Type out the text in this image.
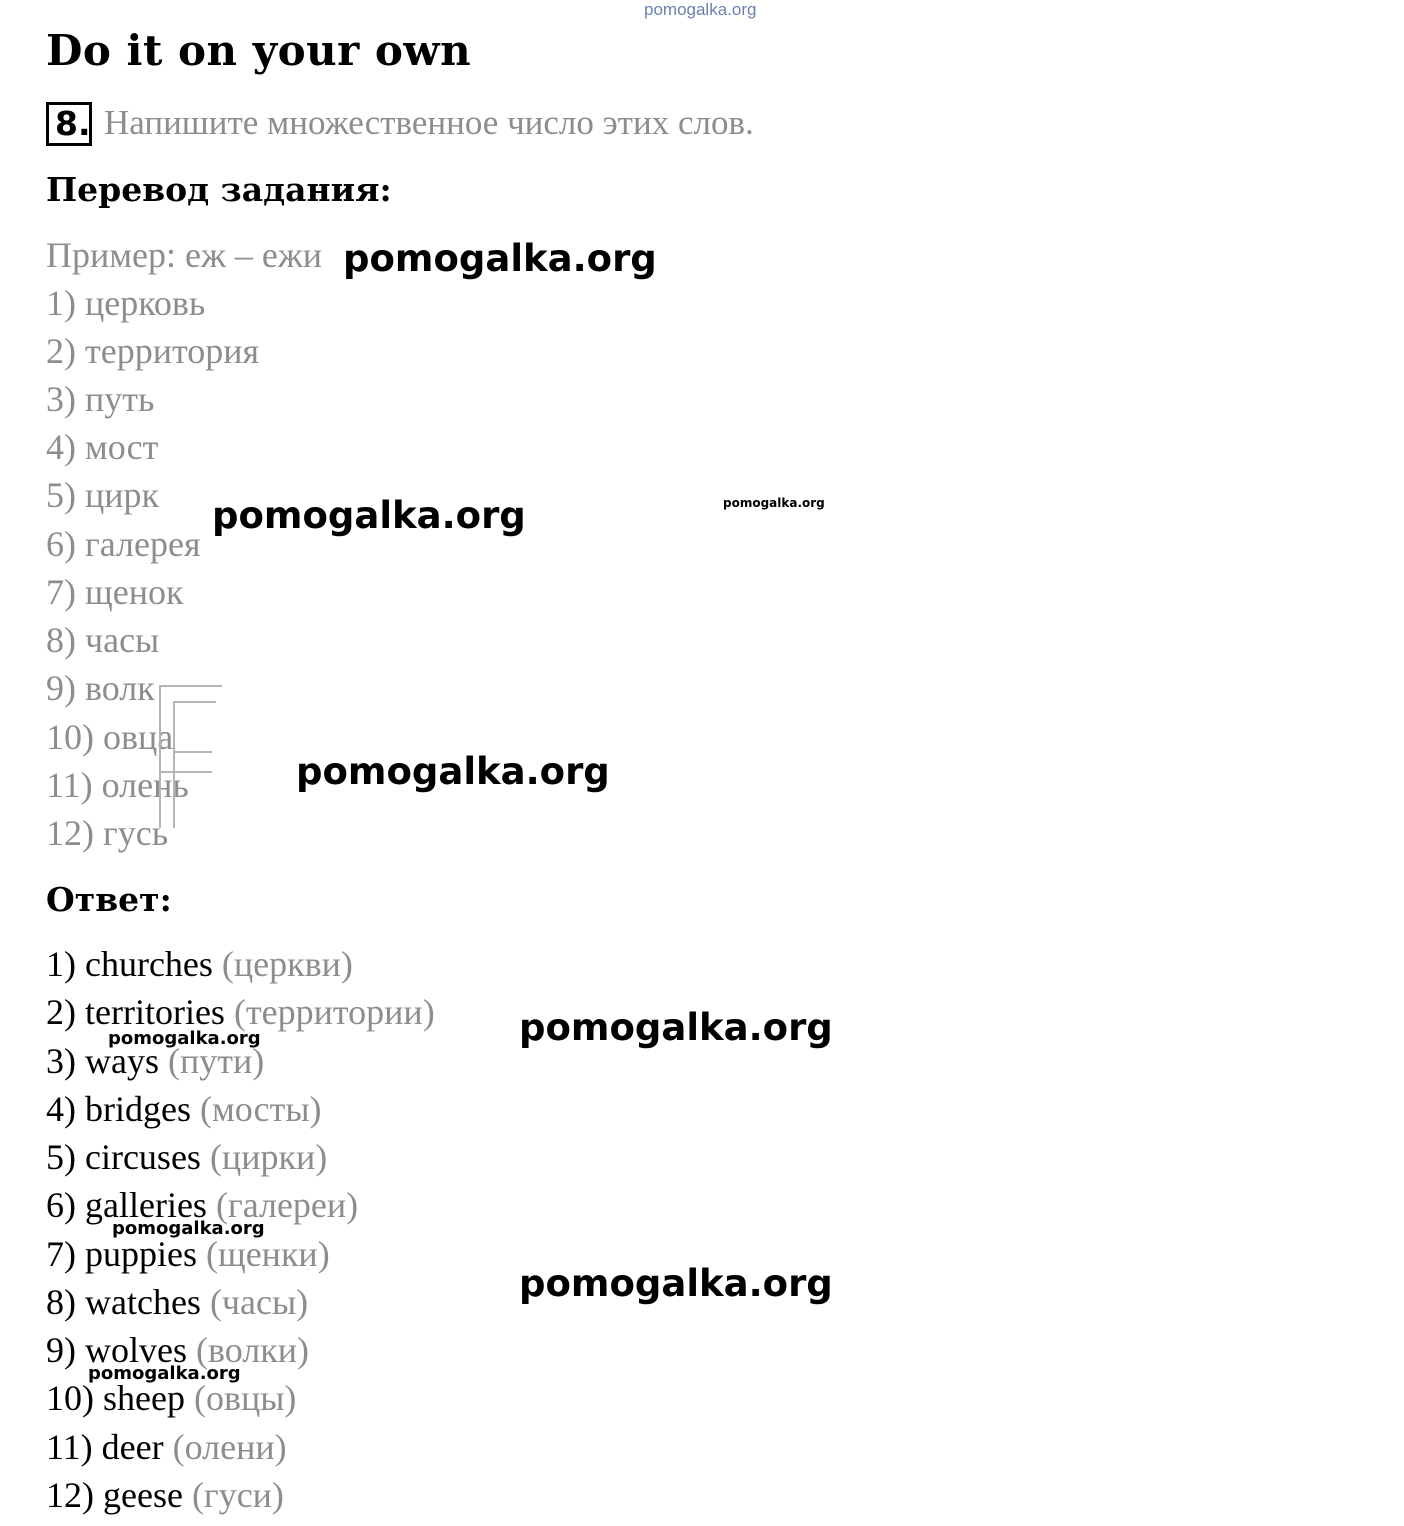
pomogalka.org
Do it on your own
8. Напишите множественное число этих слов.
Перевод задания:
Пример: еж – ежи
1) церковь
2) территория
3) путь
4) мост
5) цирк
6) галерея
7) щенок
8) часы
9) волк
10) овца
11) олень
12) гусь
Ответ:
1) churches (церкви)
2) territories (территории)
3) ways (пути)
4) bridges (мосты)
5) circuses (цирки)
6) galleries (галереи)
7) puppies (щенки)
8) watches (часы)
9) wolves (волки)
10) sheep (овцы)
11) deer (олени)
12) geese (гуси)
pomogalka.org
pomogalka.org	pomogalka.org
pomogalka.org
pomogalka.org
pomogalka.org
pomogalka.org
pomogalka.org
pomogalka.org
